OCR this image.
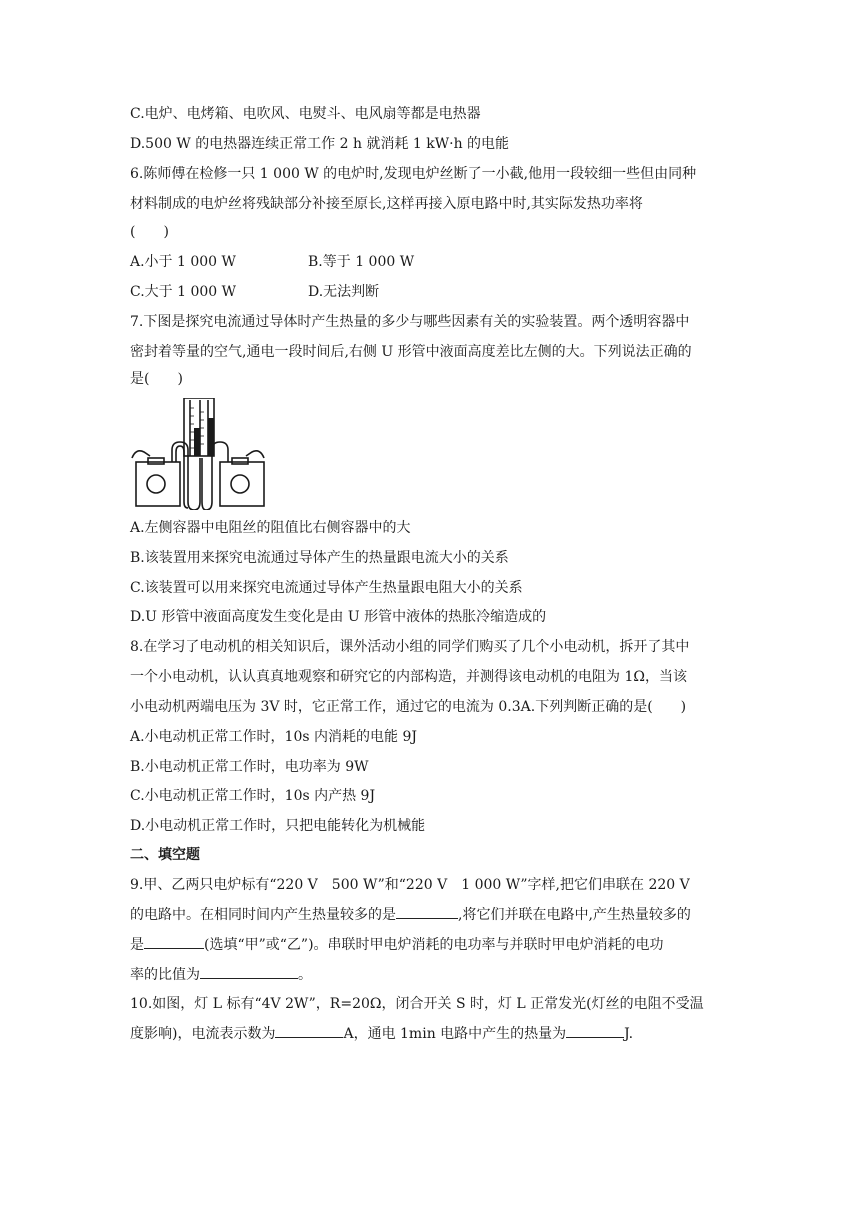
C.电炉、电烤箱、电吹风、电熨斗、电风扇等都是电热器
D.500 W 的电热器连续正常工作 2 h 就消耗 1 kW·h 的电能
6.陈师傅在检修一只 1 000 W 的电炉时,发现电炉丝断了一小截,他用一段较细一些但由同种
材料制成的电炉丝将残缺部分补接至原长,这样再接入原电路中时,其实际发热功率将
(　　)
A.小于 1 000 W	B.等于 1 000 W
C.大于 1 000 W	D.无法判断
7.下图是探究电流通过导体时产生热量的多少与哪些因素有关的实验装置。两个透明容器中
密封着等量的空气,通电一段时间后,右侧 U 形管中液面高度差比左侧的大。下列说法正确的
是(　　)
A.左侧容器中电阻丝的阻值比右侧容器中的大
B.该装置用来探究电流通过导体产生的热量跟电流大小的关系
C.该装置可以用来探究电流通过导体产生热量跟电阻大小的关系
D.U 形管中液面高度发生变化是由 U 形管中液体的热胀冷缩造成的
8.在学习了电动机的相关知识后，课外活动小组的同学们购买了几个小电动机，拆开了其中
一个小电动机，认认真真地观察和研究它的内部构造，并测得该电动机的电阻为 1Ω，当该
小电动机两端电压为 3V 时，它正常工作，通过它的电流为 0.3A.下列判断正确的是(　　)
A.小电动机正常工作时，10s 内消耗的电能 9J
B.小电动机正常工作时，电功率为 9W
C.小电动机正常工作时，10s 内产热 9J
D.小电动机正常工作时，只把电能转化为机械能
二、填空题
9.甲、乙两只电炉标有“220 V　500 W”和“220 V　1 000 W”字样,把它们串联在 220 V
的电路中。在相同时间内产生热量较多的是	,将它们并联在电路中,产生热量较多的
是	(选填“甲”或“乙”)。串联时甲电炉消耗的电功率与并联时甲电炉消耗的电功
率的比值为	。
10.如图，灯 L 标有“4V 2W”，R=20Ω，闭合开关 S 时，灯 L 正常发光(灯丝的电阻不受温
度影响)，电流表示数为	A，通电 1min 电路中产生的热量为	J.
